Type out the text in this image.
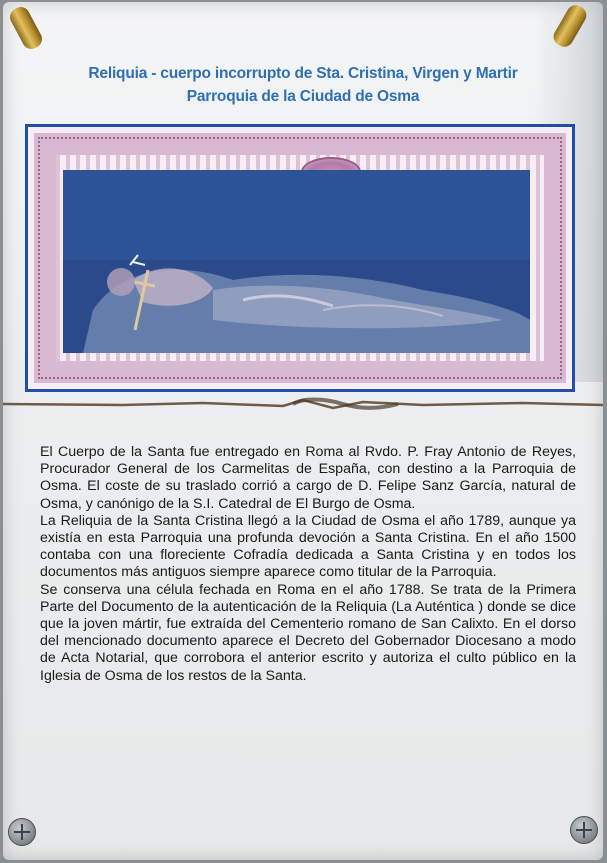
Reliquia - cuerpo incorrupto de Sta. Cristina, Virgen y Martir
Parroquia de la Ciudad de Osma

El Cuerpo de la Santa fue entregado en Roma al Rvdo. P. Fray Antonio de Reyes, Procurador General de los Carmelitas de España, con destino a la Parroquia de Osma. El coste de su traslado corrió a cargo de D. Felipe Sanz García, natural de Osma, y canónigo de la S.I. Catedral de El Burgo de Osma.

La Reliquia de la Santa Cristina llegó a la Ciudad de Osma el año 1789, aunque ya existía en esta Parroquia una profunda devoción a Santa Cristina. En el año 1500 contaba con una floreciente Cofradía dedicada a Santa Cristina y en todos los documentos más antiguos siempre aparece como titular de la Parroquia.

Se conserva una célula fechada en Roma en el año 1788. Se trata de la Primera Parte del Documento de la autenticación de la Reliquia (La Auténtica ) donde se dice que la joven mártir, fue extraída del Cementerio romano de San Calixto. En el dorso del mencionado documento aparece el Decreto del Gobernador Diocesano a modo de Acta Notarial, que corrobora el anterior escrito y autoriza el culto público en la Iglesia de Osma de los restos de la Santa.
